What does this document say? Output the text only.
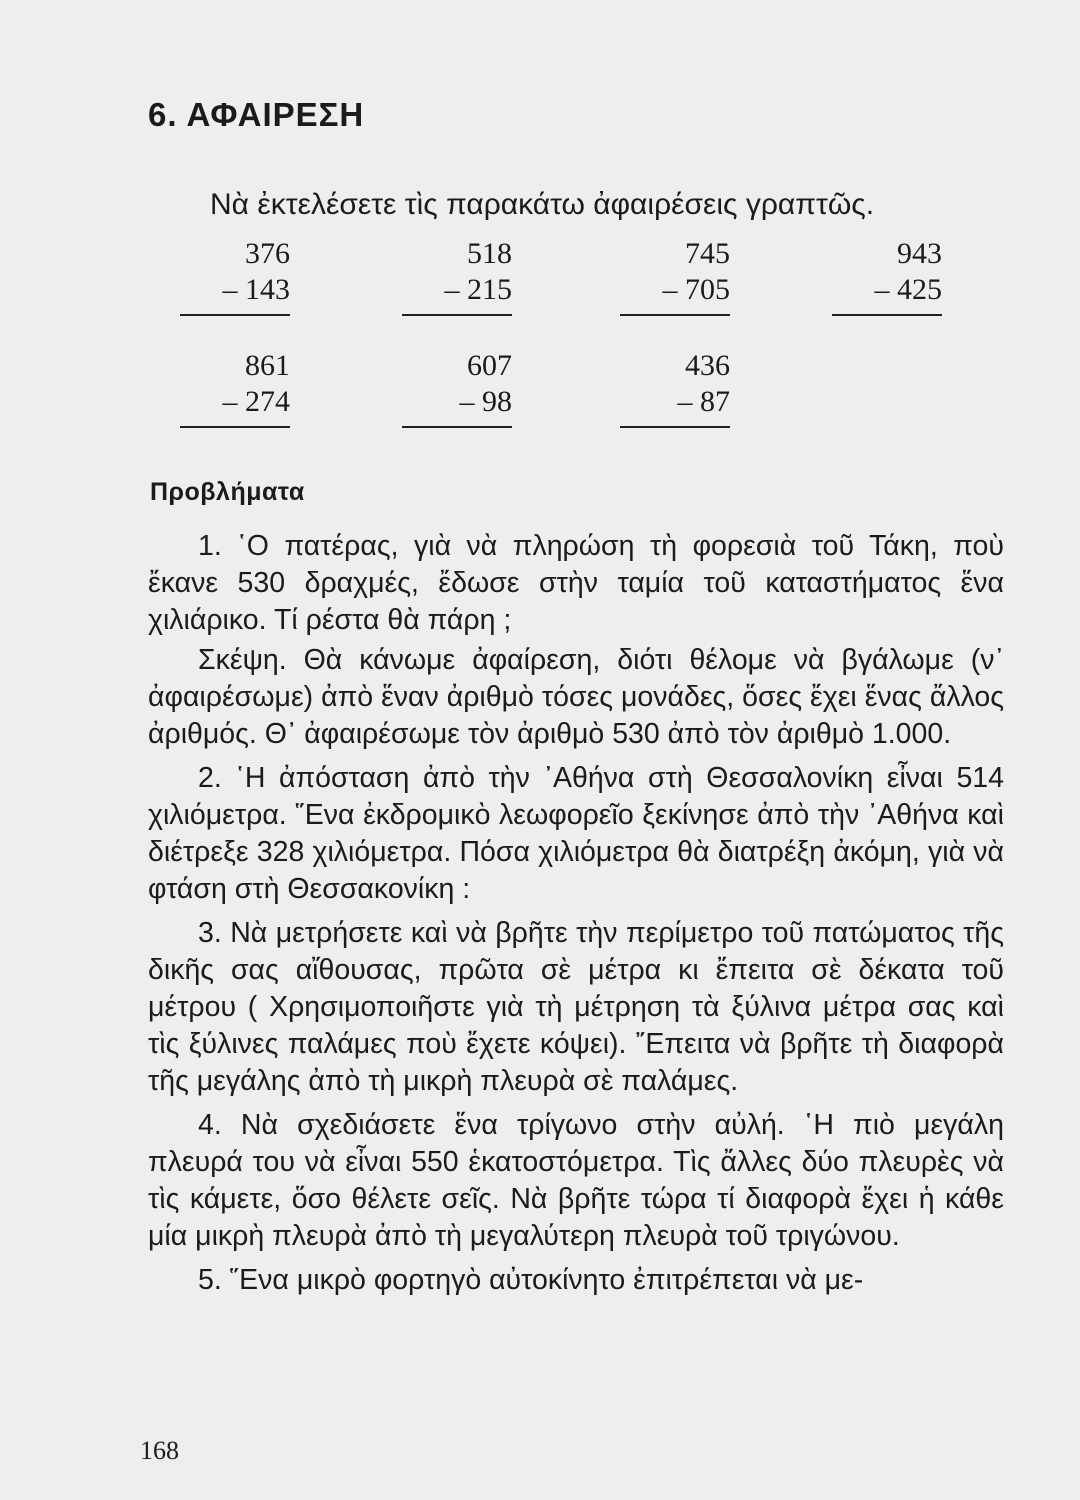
6. ΑΦΑΙΡΕΣΗ

Νὰ ἐκτελέσετε τὶς παρακάτω ἀφαιρέσεις γραπτῶς.

376
– 143
518
– 215
745
– 705
943
– 425
861
– 274
607
– 98
436
– 87
Προβλήματα

1. ῾Ο πατέρας, γιὰ νὰ πληρώση τὴ φορεσιὰ τοῦ Τάκη, ποὺ ἔκανε 530 δραχμές, ἔδωσε στὴν ταμία τοῦ καταστήματος ἕνα χιλιάρικο. Τί ρέστα θὰ πάρη ;

Σκέψη. Θὰ κάνωμε ἀφαίρεση, διότι θέλομε νὰ βγάλωμε (ν᾿ ἀφαιρέσωμε) ἀπὸ ἕναν ἀριθμὸ τόσες μονάδες, ὅσες ἔχει ἕνας ἄλλος ἀριθμός. Θ᾿ ἀφαιρέσωμε τὸν ἀριθμὸ 530 ἀπὸ τὸν ἀριθμὸ 1.000.

2. ῾Η ἀπόσταση ἀπὸ τὴν ᾿Αθήνα στὴ Θεσσαλονίκη εἶναι 514 χιλιόμετρα. ῞Ενα ἐκδρομικὸ λεωφορεῖο ξεκίνησε ἀπὸ τὴν ᾿Αθήνα καὶ διέτρεξε 328 χιλιόμετρα. Πόσα χιλιόμετρα θὰ διατρέξη ἀκόμη, γιὰ νὰ φτάση στὴ Θεσσακονίκη :

3. Νὰ μετρήσετε καὶ νὰ βρῆτε τὴν περίμετρο τοῦ πατώματος τῆς δικῆς σας αἴθουσας, πρῶτα σὲ μέτρα κι ἔπειτα σὲ δέκατα τοῦ μέτρου ( Χρησιμοποιῆστε γιὰ τὴ μέτρηση τὰ ξύλινα μέτρα σας καὶ τὶς ξύλινες παλάμες ποὺ ἔχετε κόψει). ῎Επειτα νὰ βρῆτε τὴ διαφορὰ τῆς μεγάλης ἀπὸ τὴ μικρὴ πλευρὰ σὲ παλάμες.

4. Νὰ σχεδιάσετε ἕνα τρίγωνο στὴν αὐλή. ῾Η πιὸ μεγάλη πλευρά του νὰ εἶναι 550 ἑκατοστόμετρα. Τὶς ἄλλες δύο πλευρὲς νὰ τὶς κάμετε, ὅσο θέλετε σεῖς. Νὰ βρῆτε τώρα τί διαφορὰ ἔχει ἡ κάθε μία μικρὴ πλευρὰ ἀπὸ τὴ μεγαλύτερη πλευρὰ τοῦ τριγώνου.

5. ῞Ενα μικρὸ φορτηγὸ αὐτοκίνητο ἐπιτρέπεται νὰ με-

168
